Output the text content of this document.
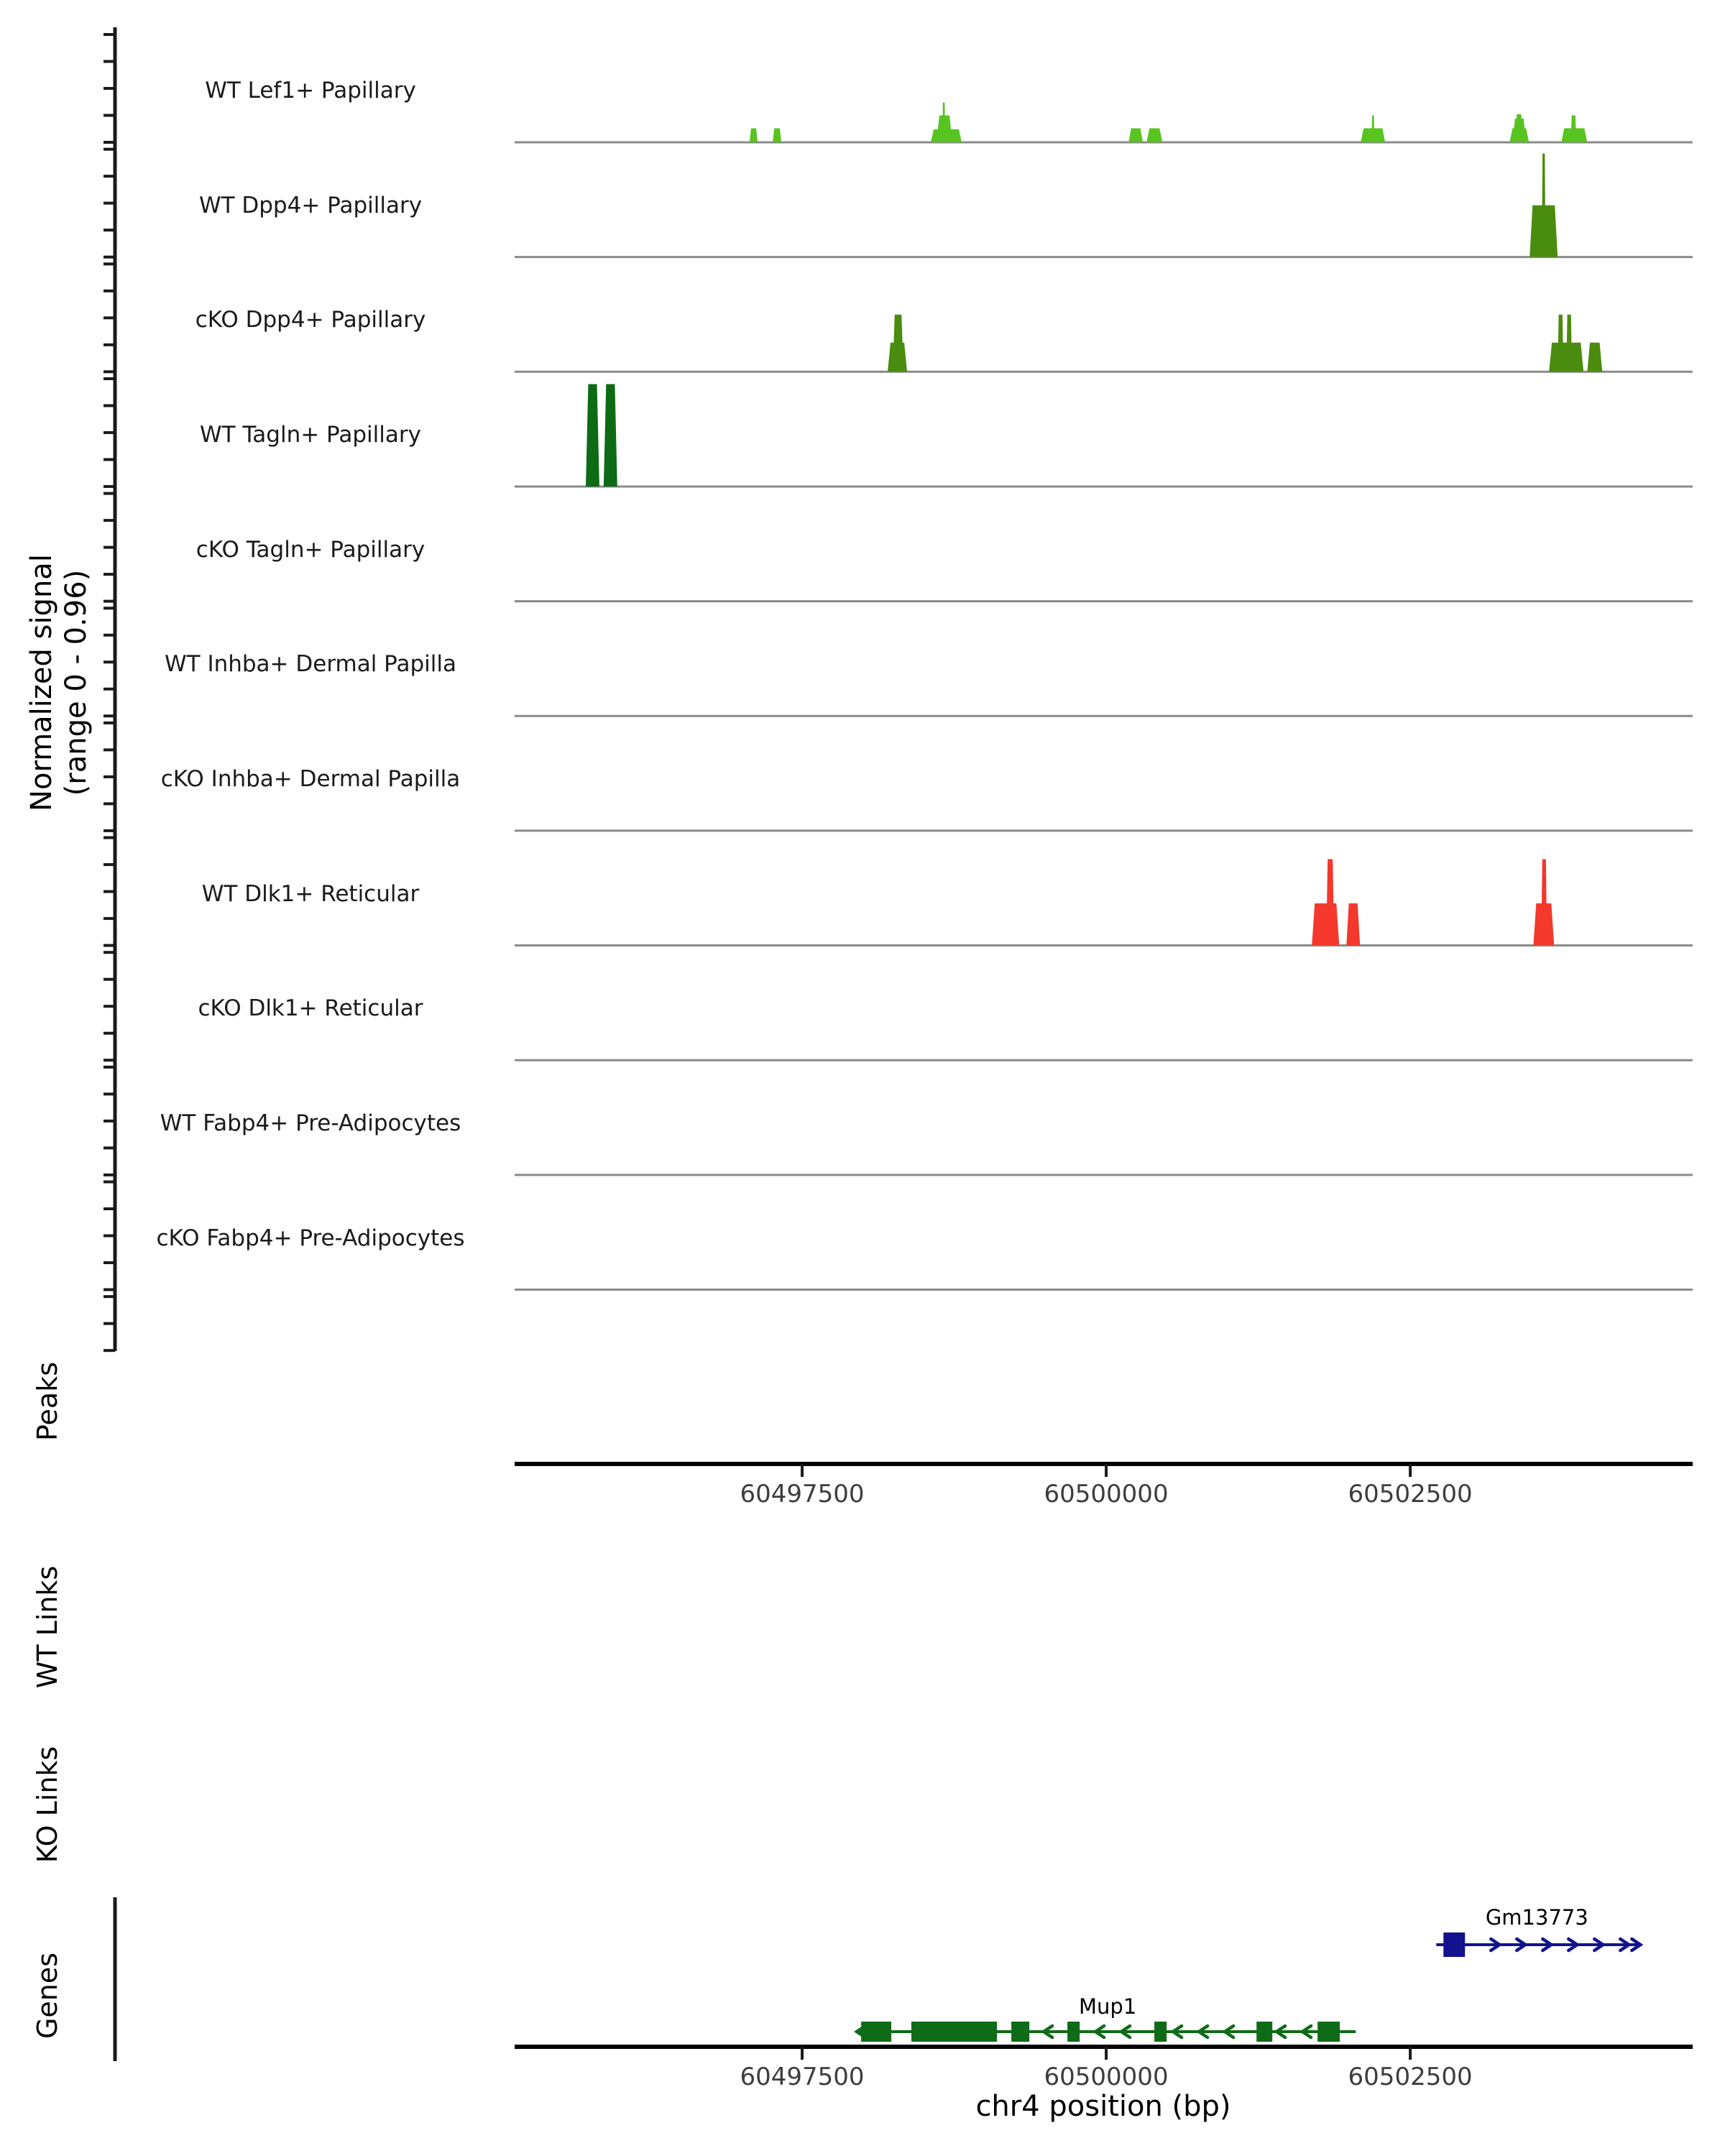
Normalized signal (range 0 - 0.96)
Peaks
WT Links
KO Links
Genes
chr4 position (bp)
WT Lef1+ Papillary
WT Dpp4+ Papillary
cKO Dpp4+ Papillary
WT Tagln+ Papillary
cKO Tagln+ Papillary
WT Inhba+ Dermal Papilla
cKO Inhba+ Dermal Papilla
WT Dlk1+ Reticular
cKO Dlk1+ Reticular
WT Fabp4+ Pre-Adipocytes
cKO Fabp4+ Pre-Adipocytes
60497500	60500000	60502500
60497500	60500000	60502500
Gm13773
Mup1
